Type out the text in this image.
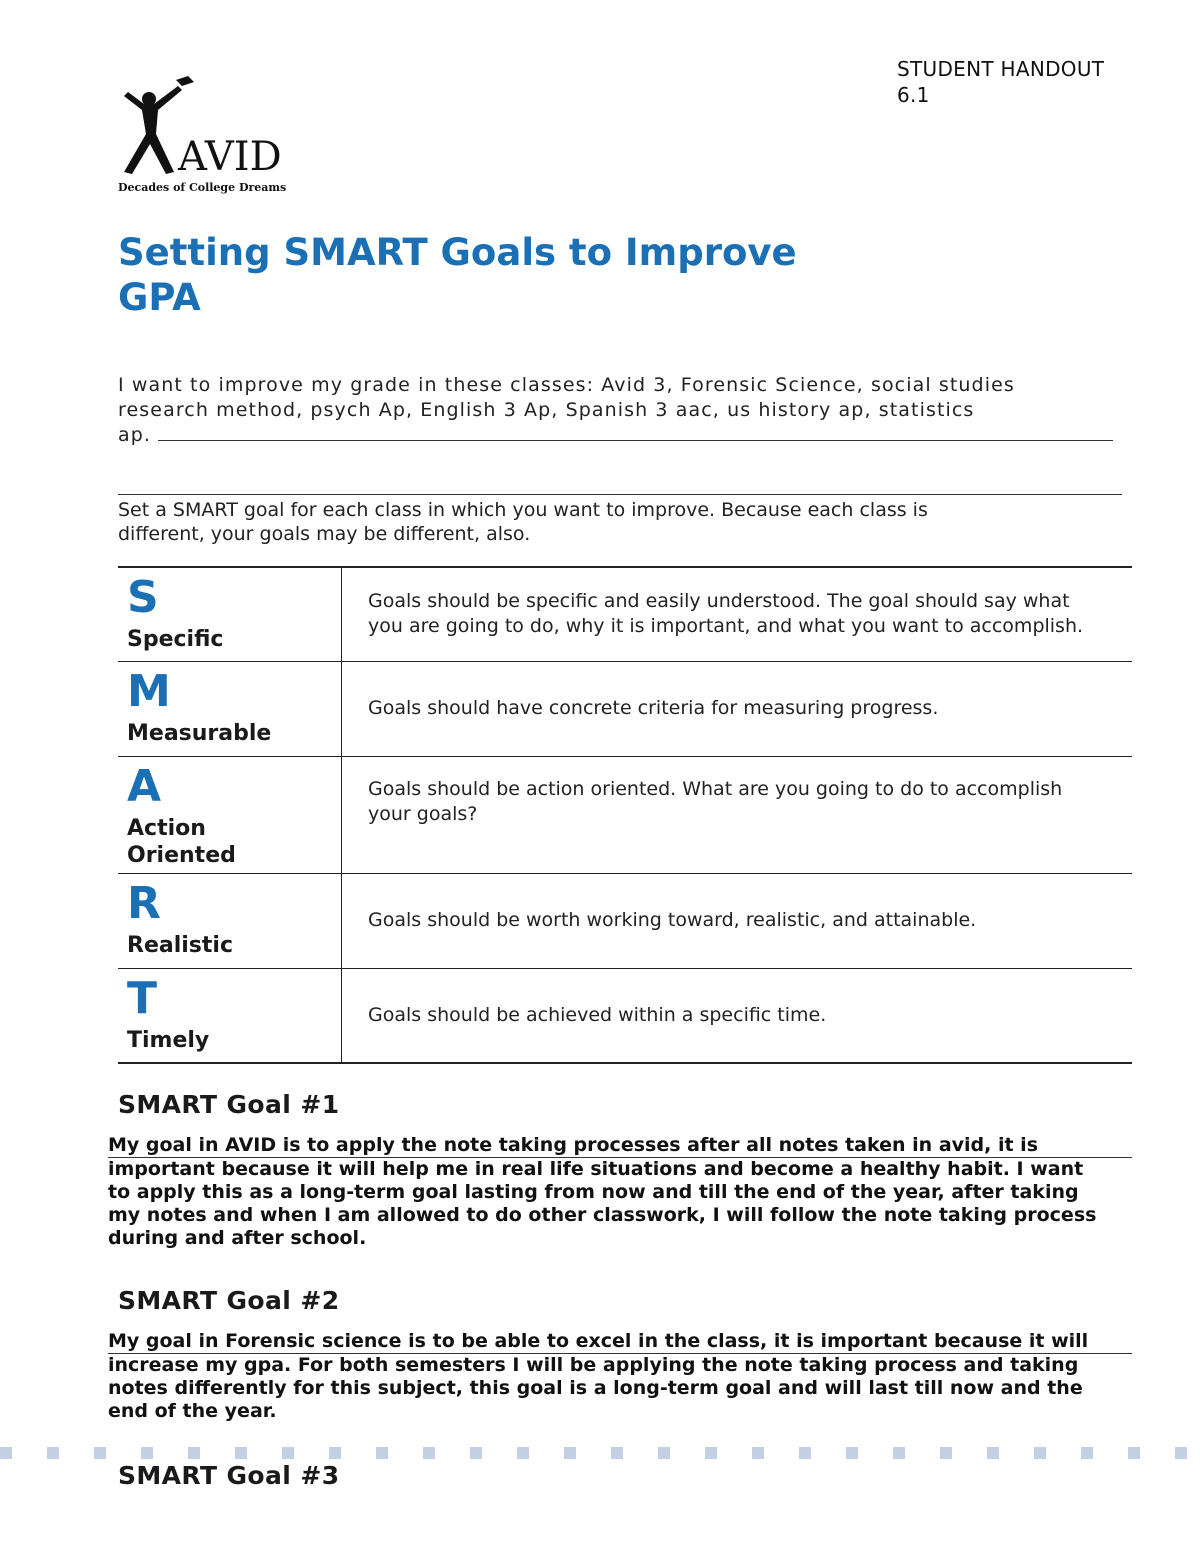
STUDENT HANDOUT
6.1
AVID
Decades of College Dreams
Setting SMART Goals to Improve
GPA
I want to improve my grade in these classes: Avid 3, Forensic Science, social studies
research method, psych Ap, English 3 Ap, Spanish 3 aac, us history ap, statistics
ap.
Set a SMART goal for each class in which you want to improve. Because each class is
different, your goals may be different, also.
S
Specific	Goals should be specific and easily understood. The goal should say what you are going to do, why it is important, and what you want to accomplish.

M
Measurable	Goals should have concrete criteria for measuring progress.

A
Action Oriented	Goals should be action oriented. What are you going to do to accomplish your goals?

R
Realistic	Goals should be worth working toward, realistic, and attainable.

T
Timely	Goals should be achieved within a specific time.
SMART Goal #1
My goal in AVID is to apply the note taking processes after all notes taken in avid, it is
important because it will help me in real life situations and become a healthy habit. I want
to apply this as a long-term goal lasting from now and till the end of the year, after taking
my notes and when I am allowed to do other classwork, I will follow the note taking process
during and after school.
SMART Goal #2
My goal in Forensic science is to be able to excel in the class, it is important because it will
increase my gpa. For both semesters I will be applying the note taking process and taking
notes differently for this subject, this goal is a long-term goal and will last till now and the
end of the year.
SMART Goal #3
